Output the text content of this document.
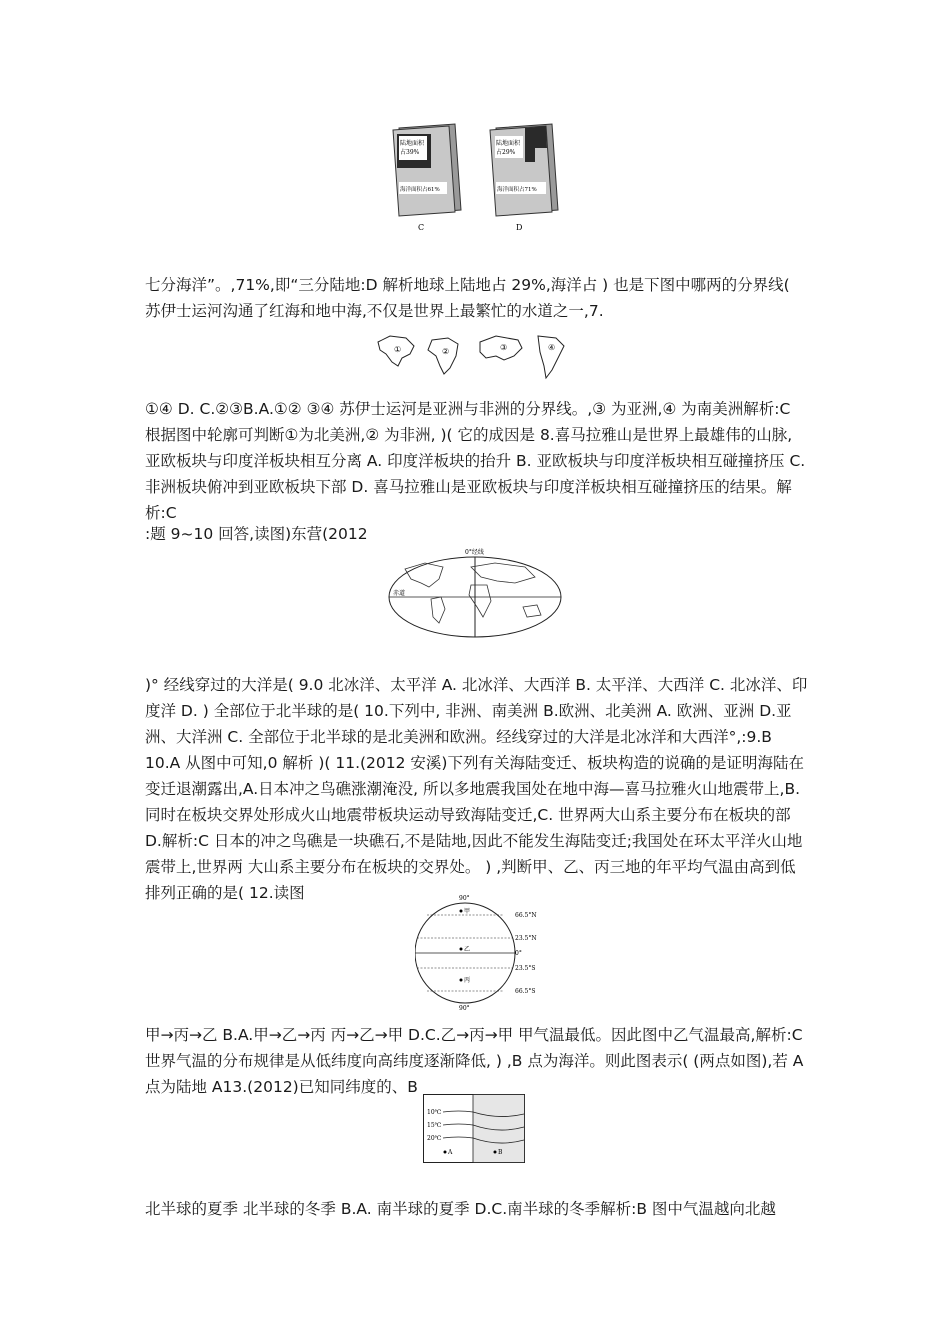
陆地面积
占39%
海洋面积占61%
C
陆地面积
占29%
海洋面积占71%
D

七分海洋”。,71%,即“三分陆地:D 解析地球上陆地占 29%,海洋占 ) 也是下图中哪两的分界线( 苏伊士运河沟通了红海和地中海,不仅是世界上最繁忙的水道之一,7.

①	②	③	④

①④ D. C.②③B.A.①② ③④ 苏伊士运河是亚洲与非洲的分界线。,③ 为亚洲,④ 为南美洲解析:C 根据图中轮廓可判断①为北美洲,② 为非洲, )( 它的成因是 8.喜马拉雅山是世界上最雄伟的山脉, 亚欧板块与印度洋板块相互分离 A. 印度洋板块的抬升 B. 亚欧板块与印度洋板块相互碰撞挤压 C. 非洲板块俯冲到亚欧板块下部 D. 喜马拉雅山是亚欧板块与印度洋板块相互碰撞挤压的结果。解析:C

:题 9~10 回答,读图)东营(2012

0°经线
赤道

)° 经线穿过的大洋是( 9.0 北冰洋、太平洋 A. 北冰洋、大西洋 B. 太平洋、大西洋 C. 北冰洋、印度洋 D. ) 全部位于北半球的是( 10.下列中, 非洲、南美洲 B.欧洲、北美洲 A. 欧洲、亚洲 D.亚洲、大洋洲 C. 全部位于北半球的是北美洲和欧洲。经线穿过的大洋是北冰洋和大西洋°,:9.B 10.A 从图中可知,0 解析 )( 11.(2012 安溪)下列有关海陆变迁、板块构造的说确的是证明海陆在变迁退潮露出,A.日本冲之鸟礁涨潮淹没, 所以多地震我国处在地中海—喜马拉雅火山地震带上,B. 同时在板块交界处形成火山地震带板块运动导致海陆变迁,C. 世界两大山系主要分布在板块的部 D.解析:C 日本的冲之鸟礁是一块礁石,不是陆地,因此不能发生海陆变迁;我国处在环太平洋火山地震带上,世界两 大山系主要分布在板块的交界处。 ) ,判断甲、乙、丙三地的年平均气温由高到低排列正确的是( 12.读图	90°
66.5°N
23.5°N
0°
23.5°S
66.5°S
甲
乙
丙
90°

甲→丙→乙 B.A.甲→乙→丙 丙→乙→甲 D.C.乙→丙→甲 甲气温最低。因此图中乙气温最高,解析:C 世界气温的分布规律是从低纬度向高纬度逐渐降低, ) ,B 点为海洋。则此图表示( (两点如图),若 A 点为陆地 A13.(2012)已知同纬度的、B

10℃
15℃
20℃
A	B

北半球的夏季 北半球的冬季 B.A. 南半球的夏季 D.C.南半球的冬季解析:B 图中气温越向北越
